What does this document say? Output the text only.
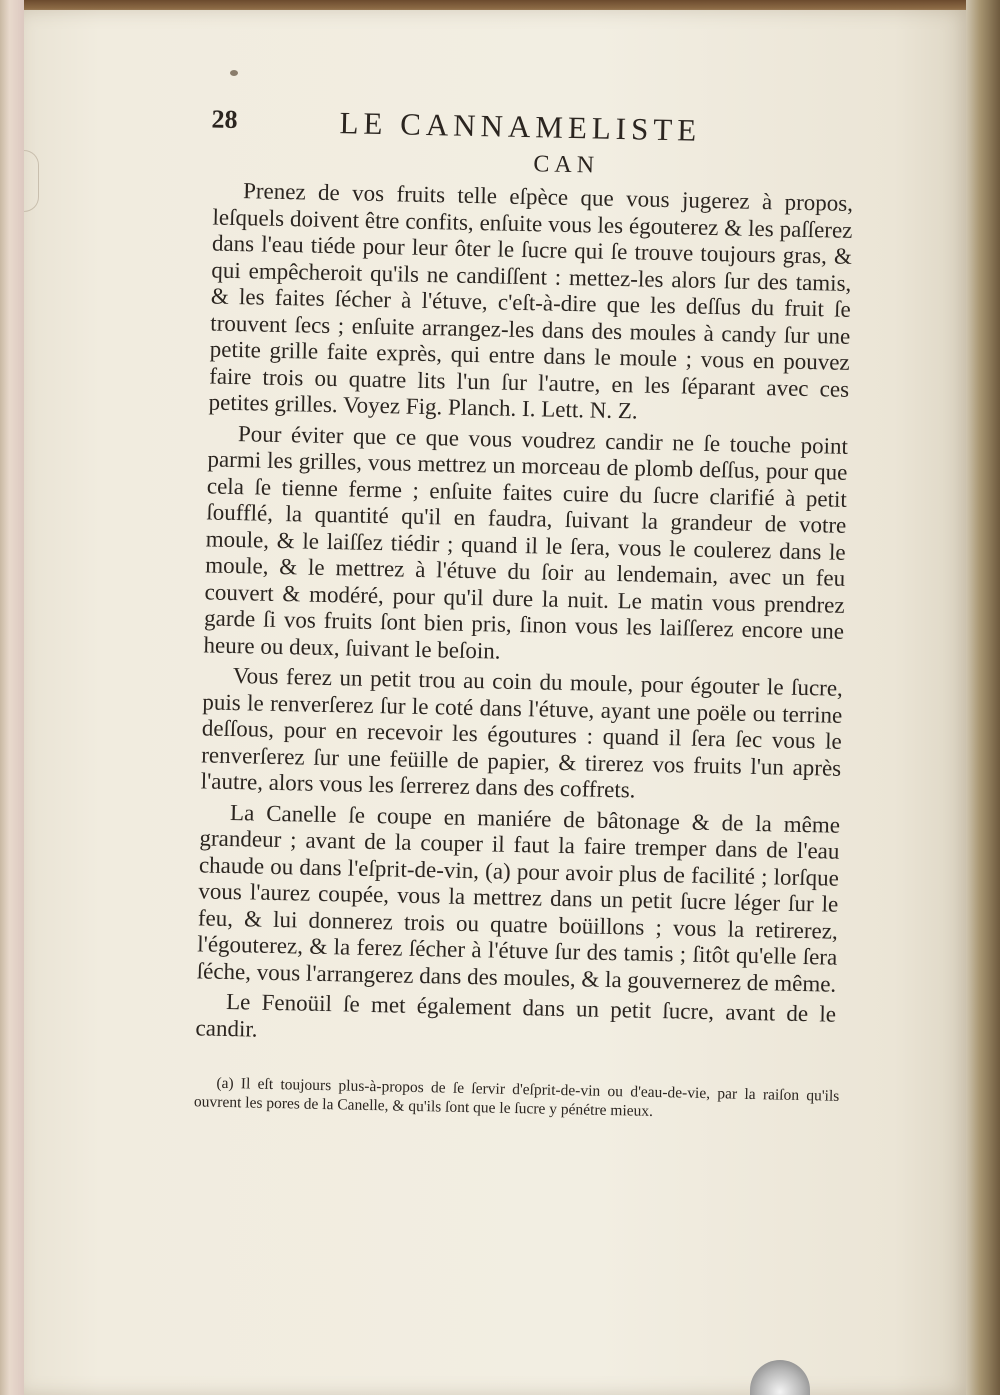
28	LE CANNAMELISTE
CAN

Prenez de vos fruits telle eſpèce que vous jugerez à propos, leſquels doivent être confits, enſuite vous les égouterez & les paſſerez dans l'eau tiéde pour leur ôter le ſucre qui ſe trouve toujours gras, & qui empêcheroit qu'ils ne candiſſent : mettez-les alors ſur des tamis, & les faites ſécher à l'étuve, c'eſt-à-dire que les deſſus du fruit ſe trouvent ſecs ; enſuite arrangez-les dans des moules à candy ſur une petite grille faite exprès, qui entre dans le moule ; vous en pouvez faire trois ou quatre lits l'un ſur l'autre, en les ſéparant avec ces petites grilles. Voyez Fig. Planch. I. Lett. N. Z.

Pour éviter que ce que vous voudrez candir ne ſe touche point parmi les grilles, vous mettrez un morceau de plomb deſſus, pour que cela ſe tienne ferme ; enſuite faites cuire du ſucre clarifié à petit ſoufflé, la quantité qu'il en faudra, ſuivant la grandeur de votre moule, & le laiſſez tiédir ; quand il le ſera, vous le coulerez dans le moule, & le mettrez à l'étuve du ſoir au lendemain, avec un feu couvert & modéré, pour qu'il dure la nuit. Le matin vous prendrez garde ſi vos fruits ſont bien pris, ſinon vous les laiſſerez encore une heure ou deux, ſuivant le beſoin.

Vous ferez un petit trou au coin du moule, pour égouter le ſucre, puis le renverſerez ſur le coté dans l'étuve, ayant une poële ou terrine deſſous, pour en recevoir les égoutures : quand il ſera ſec vous le renverſerez ſur une feüille de papier, & tirerez vos fruits l'un après l'autre, alors vous les ſerrerez dans des coffrets.

La Canelle ſe coupe en maniére de bâtonage & de la même grandeur ; avant de la couper il faut la faire tremper dans de l'eau chaude ou dans l'eſprit-de-vin, (a) pour avoir plus de facilité ; lorſque vous l'aurez coupée, vous la mettrez dans un petit ſucre léger ſur le feu, & lui donnerez trois ou quatre boüillons ; vous la retirerez, l'égouterez, & la ferez ſécher à l'étuve ſur des tamis ; ſitôt qu'elle ſera ſéche, vous l'arrangerez dans des moules, & la gouvernerez de même.

Le Fenoüil ſe met également dans un petit ſucre, avant de le candir.

(a) Il eſt toujours plus-à-propos de ſe ſervir d'eſprit-de-vin ou d'eau-de-vie, par la raiſon qu'ils ouvrent les pores de la Canelle, & qu'ils ſont que le ſucre y pénétre mieux.
